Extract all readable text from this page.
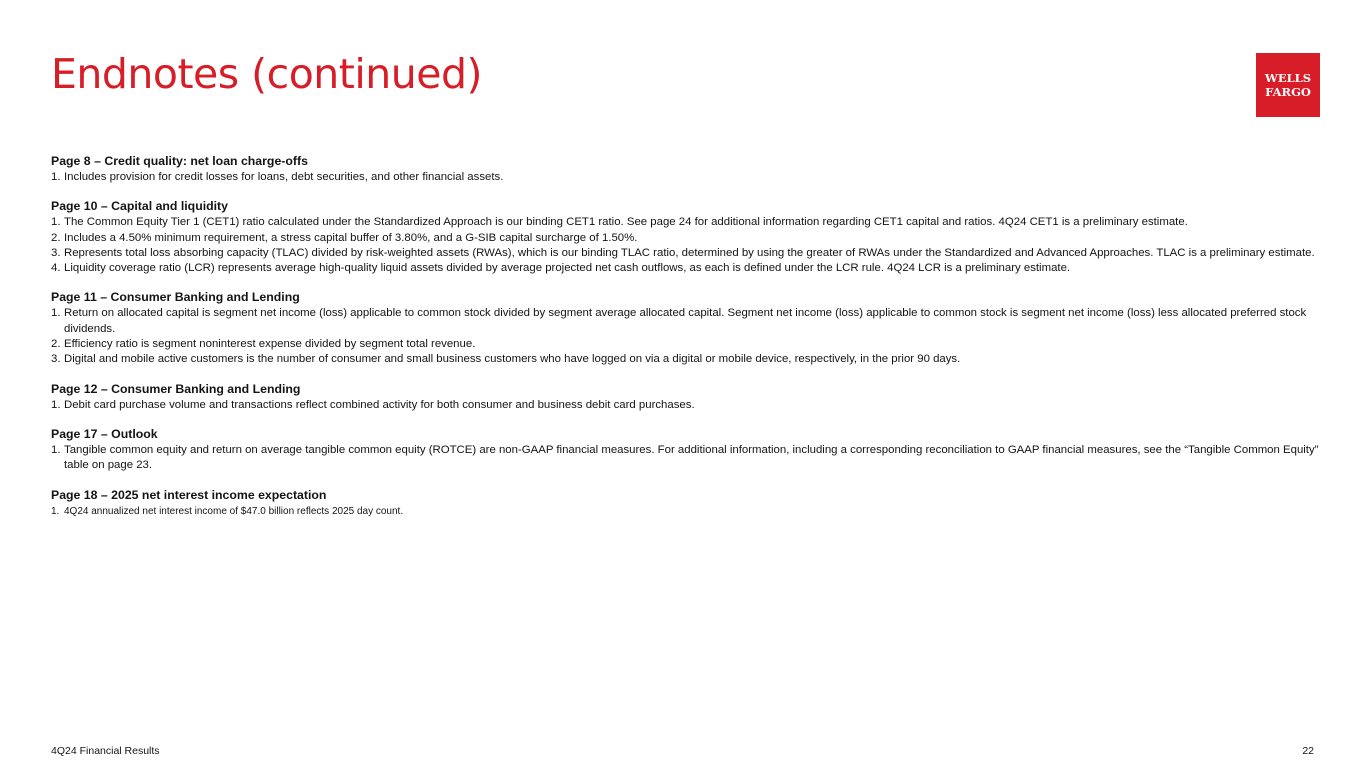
Endnotes (continued)	WELLS
FARGO
Page 8 – Credit quality: net loan charge-offs
1. Includes provision for credit losses for loans, debt securities, and other financial assets.
Page 10 – Capital and liquidity
1. The Common Equity Tier 1 (CET1) ratio calculated under the Standardized Approach is our binding CET1 ratio. See page 24 for additional information regarding CET1 capital and ratios. 4Q24 CET1 is a preliminary estimate.
2. Includes a 4.50% minimum requirement, a stress capital buffer of 3.80%, and a G-SIB capital surcharge of 1.50%.
3. Represents total loss absorbing capacity (TLAC) divided by risk-weighted assets (RWAs), which is our binding TLAC ratio, determined by using the greater of RWAs under the Standardized and Advanced Approaches. TLAC is a preliminary estimate.
4. Liquidity coverage ratio (LCR) represents average high-quality liquid assets divided by average projected net cash outflows, as each is defined under the LCR rule. 4Q24 LCR is a preliminary estimate.
Page 11 – Consumer Banking and Lending
1. Return on allocated capital is segment net income (loss) applicable to common stock divided by segment average allocated capital. Segment net income (loss) applicable to common stock is segment net income (loss) less allocated preferred stock dividends.
2. Efficiency ratio is segment noninterest expense divided by segment total revenue.
3. Digital and mobile active customers is the number of consumer and small business customers who have logged on via a digital or mobile device, respectively, in the prior 90 days.
Page 12 – Consumer Banking and Lending
1. Debit card purchase volume and transactions reflect combined activity for both consumer and business debit card purchases.
Page 17 – Outlook
1. Tangible common equity and return on average tangible common equity (ROTCE) are non-GAAP financial measures. For additional information, including a corresponding reconciliation to GAAP financial measures, see the “Tangible Common Equity” table on page 23.
Page 18 – 2025 net interest income expectation
1. 4Q24 annualized net interest income of $47.0 billion reflects 2025 day count.
4Q24 Financial Results	22
